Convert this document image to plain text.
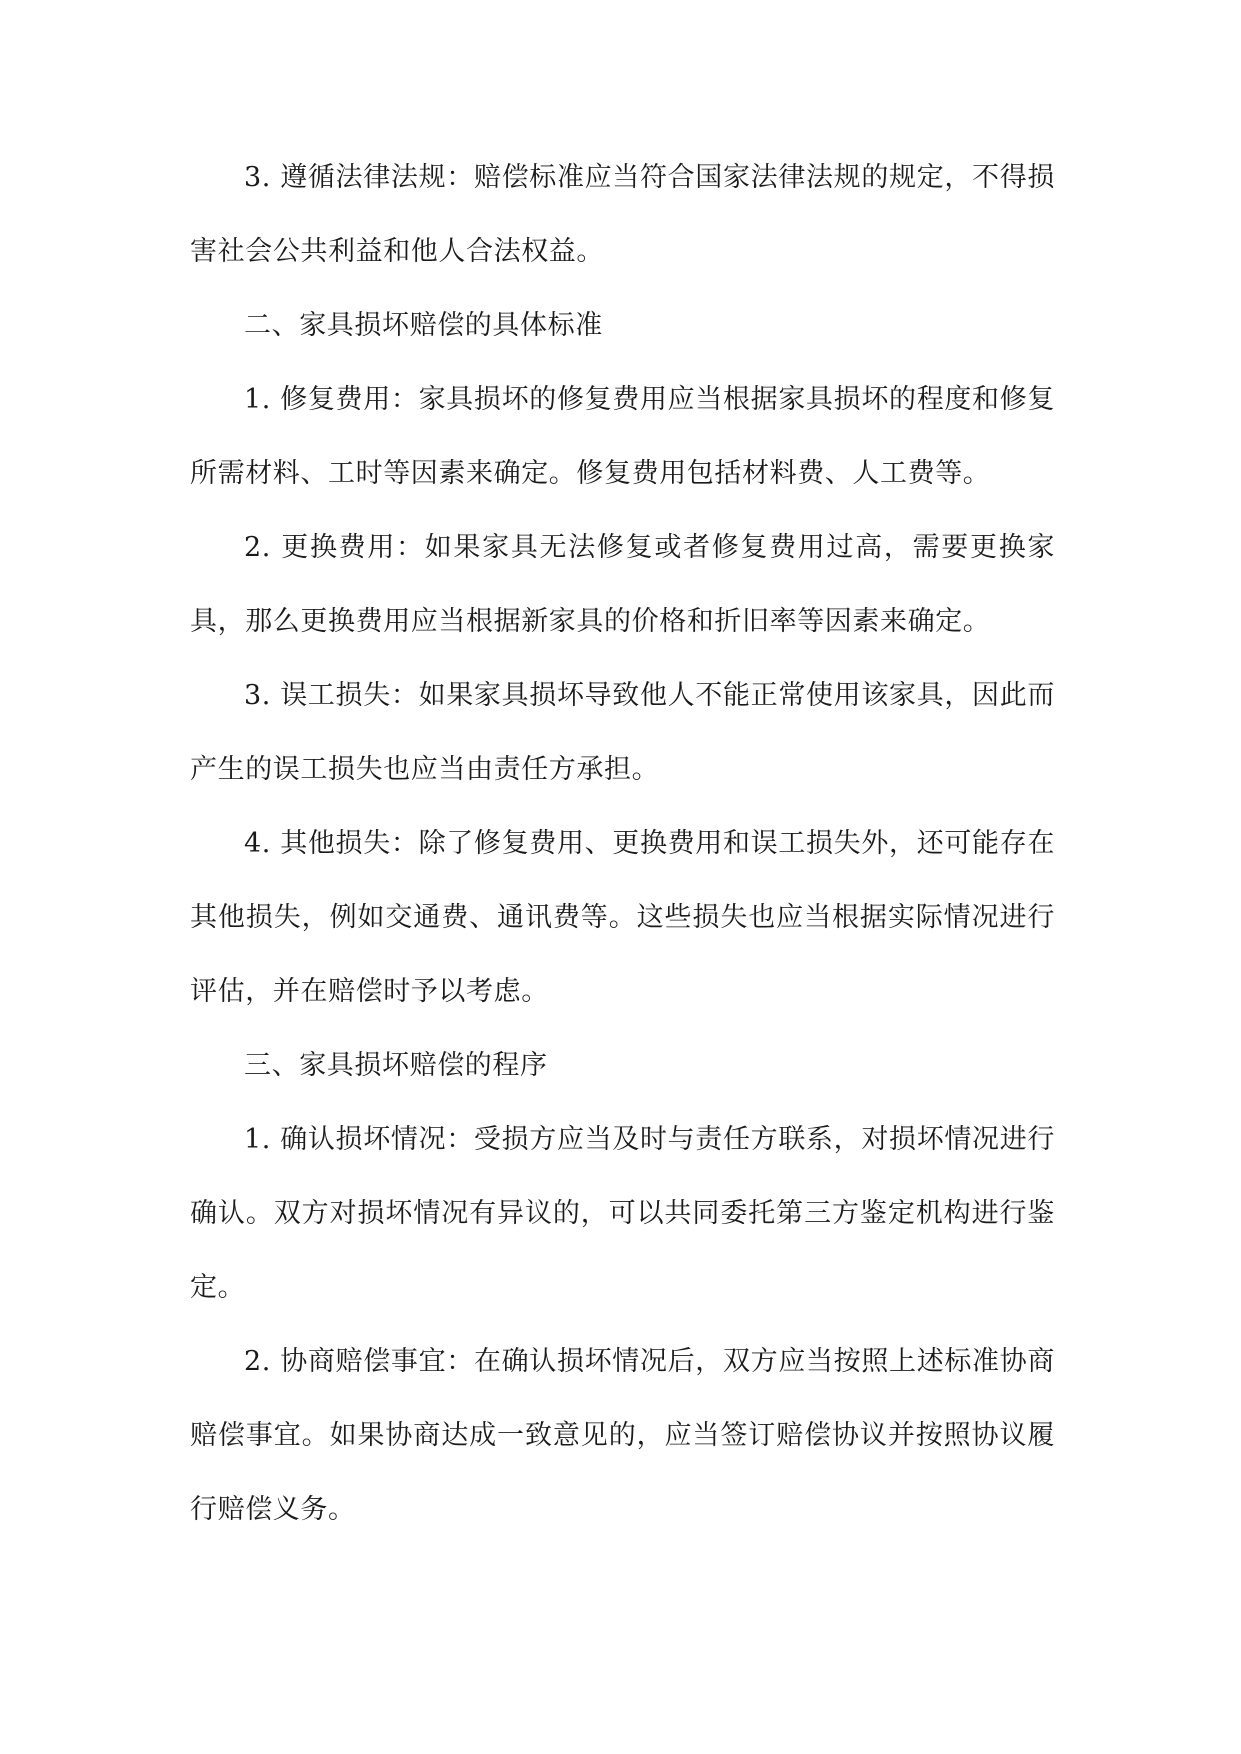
3. 遵循法律法规：赔偿标准应当符合国家法律法规的规定，不得损害社会公共利益和他人合法权益。

二、家具损坏赔偿的具体标准

1. 修复费用：家具损坏的修复费用应当根据家具损坏的程度和修复所需材料、工时等因素来确定。修复费用包括材料费、人工费等。

2. 更换费用：如果家具无法修复或者修复费用过高，需要更换家具，那么更换费用应当根据新家具的价格和折旧率等因素来确定。

3. 误工损失：如果家具损坏导致他人不能正常使用该家具，因此而产生的误工损失也应当由责任方承担。

4. 其他损失：除了修复费用、更换费用和误工损失外，还可能存在其他损失，例如交通费、通讯费等。这些损失也应当根据实际情况进行评估，并在赔偿时予以考虑。

三、家具损坏赔偿的程序

1. 确认损坏情况：受损方应当及时与责任方联系，对损坏情况进行确认。双方对损坏情况有异议的，可以共同委托第三方鉴定机构进行鉴定。

2. 协商赔偿事宜：在确认损坏情况后，双方应当按照上述标准协商赔偿事宜。如果协商达成一致意见的，应当签订赔偿协议并按照协议履行赔偿义务。
